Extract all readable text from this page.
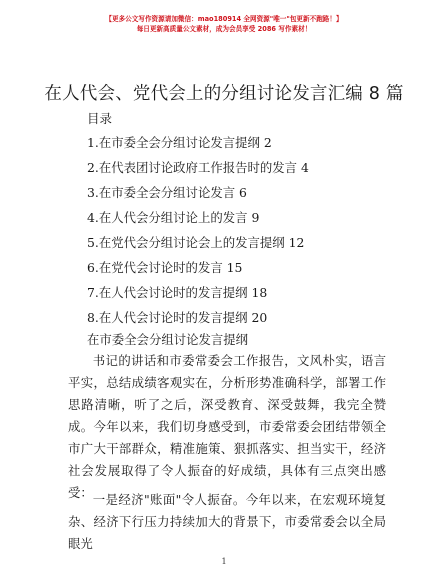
【更多公文写作资源请加微信：mao180914 全网资源"唯一"包更新不跑路！】
每日更新高质量公文素材，成为会员享受 2086 写作素材！
在人代会、党代会上的分组讨论发言汇编 8 篇
目录
1.在市委全会分组讨论发言提纲 2
2.在代表团讨论政府工作报告时的发言 4
3.在市委全会分组讨论发言 6
4.在人代会分组讨论上的发言 9
5.在党代会分组讨论会上的发言提纲 12
6.在党代会讨论时的发言 15
7.在人代会讨论时的发言提纲 18
8.在人代会讨论时的发言提纲 20
在市委全会分组讨论发言提纲

书记的讲话和市委常委会工作报告，文风朴实，语言平实，总结成绩客观实在，分析形势准确科学，部署工作思路清晰，听了之后，深受教育、深受鼓舞，我完全赞成。今年以来，我们切身感受到，市委常委会团结带领全市广大干部群众，精准施策、狠抓落实、担当实干，经济社会发展取得了令人振奋的好成绩，具体有三点突出感受： 一是经济"账面"令人振奋。今年以来，在宏观环境复杂、经济下行压力持续加大的背景下，市委常委会以全局眼光

1
